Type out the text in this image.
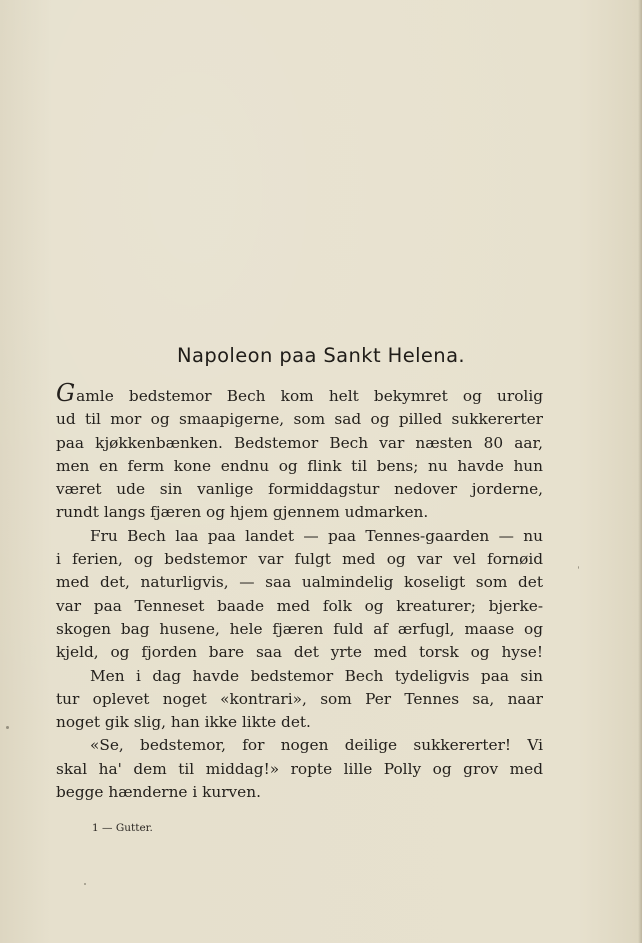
Napoleon paa Sankt Helena.

Gamle bedstemor Bech kom helt bekymret og urolig

ud til mor og smaapigerne, som sad og pilled sukkererter

paa kjøkkenbænken. Bedstemor Bech var næsten 80 aar,

men en ferm kone endnu og flink til bens; nu havde hun

været ude sin vanlige formiddagstur nedover jorderne,

rundt langs fjæren og hjem gjennem udmarken.

Fru Bech laa paa landet — paa Tennes-gaarden — nu

i ferien, og bedstemor var fulgt med og var vel fornøid

med det, naturligvis, — saa ualmindelig koseligt som det

var paa Tenneset baade med folk og kreaturer; bjerke-

skogen bag husene, hele fjæren fuld af ærfugl, maase og

kjeld, og fjorden bare saa det yrte med torsk og hyse!

Men i dag havde bedstemor Bech tydeligvis paa sin

tur oplevet noget «kontrari», som Per Tennes sa, naar

noget gik slig, han ikke likte det.

«Se, bedstemor, for nogen deilige sukkererter! Vi

skal ha' dem til middag!» ropte lille Polly og grov med

begge hænderne i kurven.

1 — Gutter.
